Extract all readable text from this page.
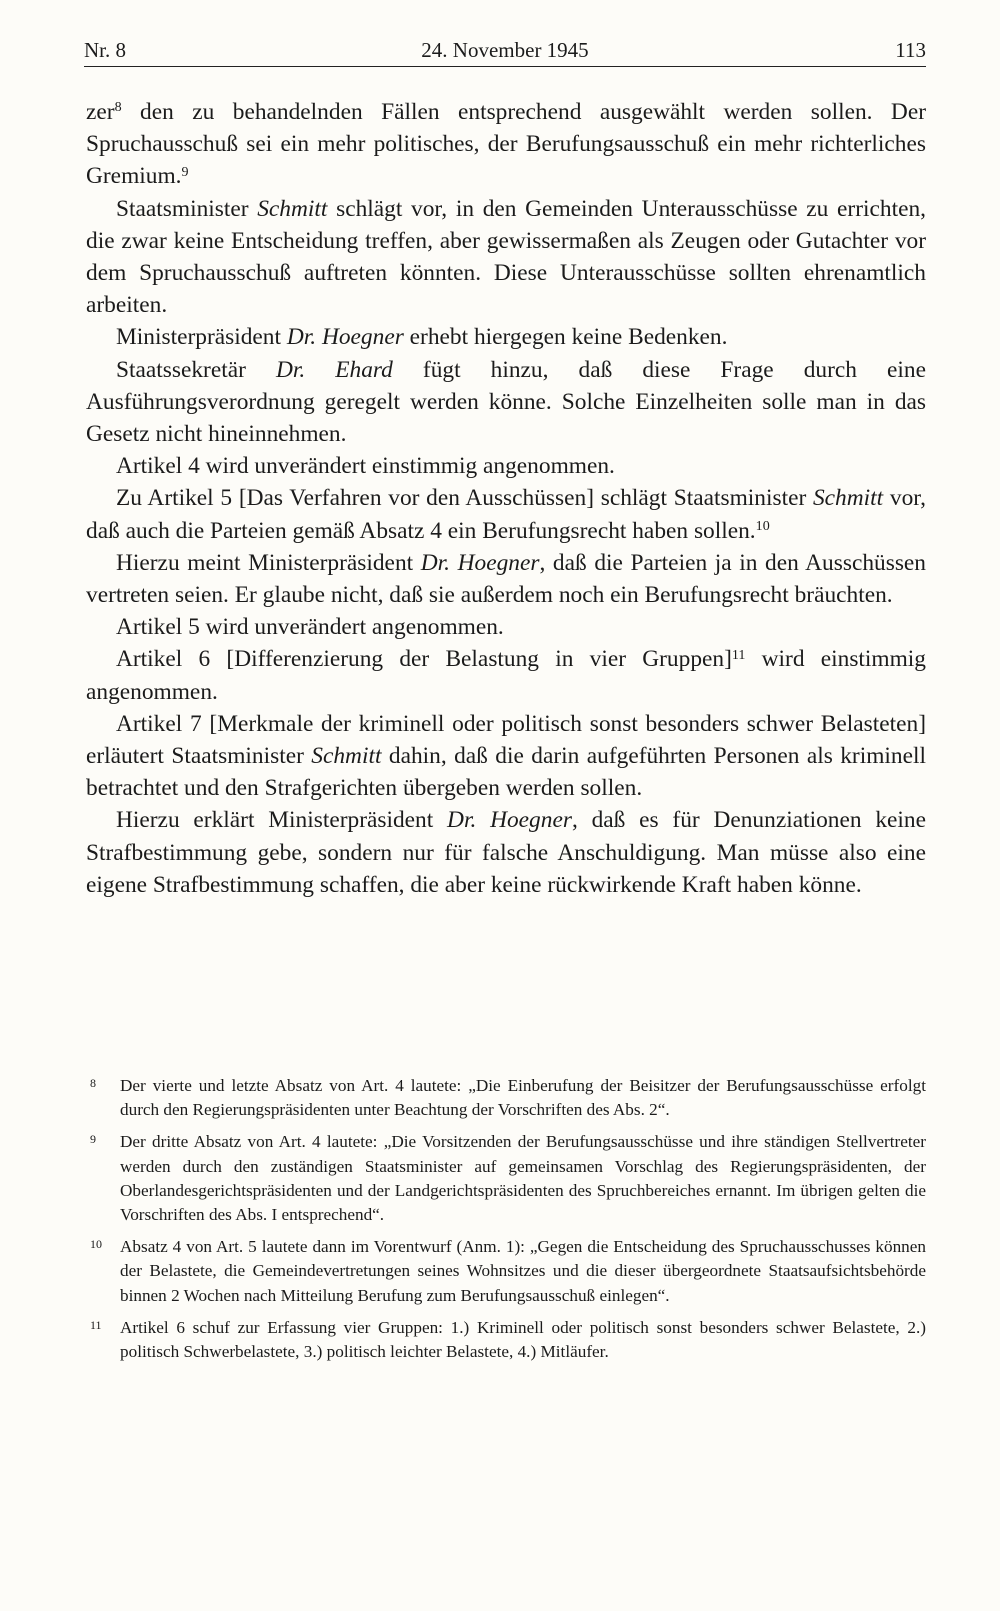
Nr. 8	24. November 1945	113

zer$^8$ den zu behandelnden Fällen entsprechend ausgewählt werden sollen. Der Spruchausschuß sei ein mehr politisches, der Berufungsausschuß ein mehr richterliches Gremium.$^9$

Staatsminister Schmitt schlägt vor, in den Gemeinden Unterausschüsse zu errichten, die zwar keine Entscheidung treffen, aber gewissermaßen als Zeugen oder Gutachter vor dem Spruchausschuß auftreten könnten. Diese Unterausschüsse sollten ehrenamtlich arbeiten.

Ministerpräsident Dr. Hoegner erhebt hiergegen keine Bedenken.

Staatssekretär Dr. Ehard fügt hinzu, daß diese Frage durch eine Ausführungsverordnung geregelt werden könne. Solche Einzelheiten solle man in das Gesetz nicht hineinnehmen.

Artikel 4 wird unverändert einstimmig angenommen.

Zu Artikel 5 [Das Verfahren vor den Ausschüssen] schlägt Staatsminister Schmitt vor, daß auch die Parteien gemäß Absatz 4 ein Berufungsrecht haben sollen.$^{10}$

Hierzu meint Ministerpräsident Dr. Hoegner, daß die Parteien ja in den Ausschüssen vertreten seien. Er glaube nicht, daß sie außerdem noch ein Berufungsrecht bräuchten.

Artikel 5 wird unverändert angenommen.

Artikel 6 [Differenzierung der Belastung in vier Gruppen]$^{11}$ wird einstimmig angenommen.

Artikel 7 [Merkmale der kriminell oder politisch sonst besonders schwer Belasteten] erläutert Staatsminister Schmitt dahin, daß die darin aufgeführten Personen als kriminell betrachtet und den Strafgerichten übergeben werden sollen.

Hierzu erklärt Ministerpräsident Dr. Hoegner, daß es für Denunziationen keine Strafbestimmung gebe, sondern nur für falsche Anschuldigung. Man müsse also eine eigene Strafbestimmung schaffen, die aber keine rückwirkende Kraft haben könne.

8 Der vierte und letzte Absatz von Art. 4 lautete: „Die Einberufung der Beisitzer der Berufungsausschüsse erfolgt durch den Regierungspräsidenten unter Beachtung der Vorschriften des Abs. 2“.
9 Der dritte Absatz von Art. 4 lautete: „Die Vorsitzenden der Berufungsausschüsse und ihre ständigen Stellvertreter werden durch den zuständigen Staatsminister auf gemeinsamen Vorschlag des Regierungspräsidenten, der Oberlandesgerichtspräsidenten und der Landgerichtspräsidenten des Spruchbereiches ernannt. Im übrigen gelten die Vorschriften des Abs. I entsprechend“.
10 Absatz 4 von Art. 5 lautete dann im Vorentwurf (Anm. 1): „Gegen die Entscheidung des Spruchausschusses können der Belastete, die Gemeindevertretungen seines Wohnsitzes und die dieser übergeordnete Staatsaufsichtsbehörde binnen 2 Wochen nach Mitteilung Berufung zum Berufungsausschuß einlegen“.
11 Artikel 6 schuf zur Erfassung vier Gruppen: 1.) Kriminell oder politisch sonst besonders schwer Belastete, 2.) politisch Schwerbelastete, 3.) politisch leichter Belastete, 4.) Mitläufer.
